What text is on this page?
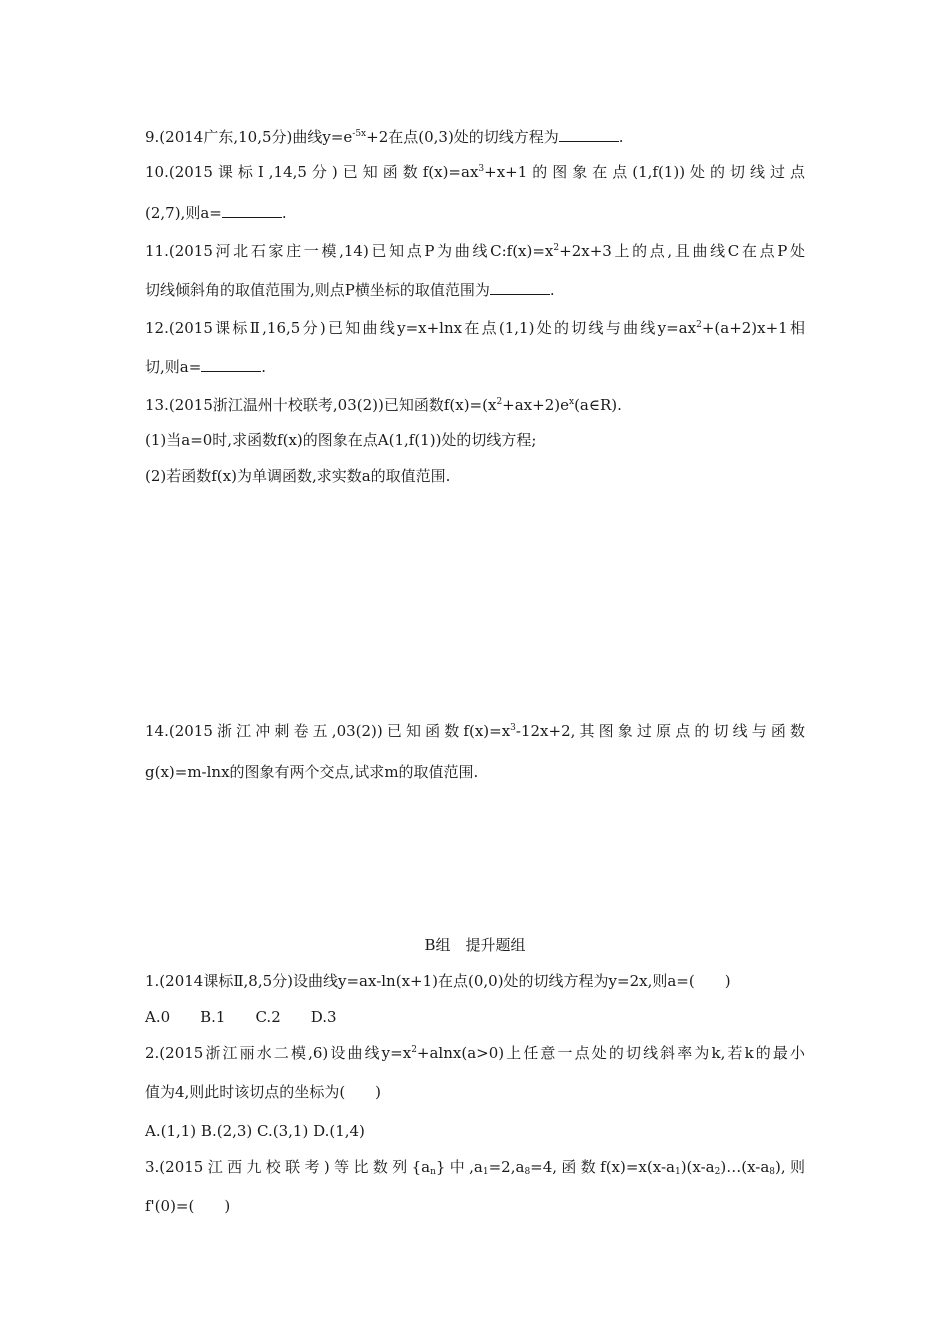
9.(2014广东,10,5分)曲线$y=e^{-5x}+2$在点(0,3)处的切线方程为	.
10.(2015课标Ⅰ,14,5分)已知函数$f(x)=ax^3+x+1$的图象在点(1,f(1))处的切线过点
(2,7),则a=	.
11.(2015河北石家庄一模,14)已知点P为曲线$C:f(x)=x^2+2x+3$上的点,且曲线C在点P处
切线倾斜角的取值范围为,则点P横坐标的取值范围为	.
12.(2015课标Ⅱ,16,5分)已知曲线y=x+lnx在点(1,1)处的切线与曲线$y=ax^2+(a+2)x+1$相
切,则a=	.
13.(2015浙江温州十校联考,03(2))已知函数$f(x)=(x^2+ax+2)e^x(a\in R)$.
(1)当a=0时,求函数f(x)的图象在点A(1,f(1))处的切线方程;
(2)若函数f(x)为单调函数,求实数a的取值范围.
14.(2015浙江冲刺卷五,03(2))已知函数$f(x)=x^3-12x+2$,其图象过原点的切线与函数
g(x)=m-lnx的图象有两个交点,试求m的取值范围.
B组　提升题组
1.(2014课标Ⅱ,8,5分)设曲线y=ax-ln(x+1)在点(0,0)处的切线方程为y=2x,则a=(　　)
A.0　　B.1　　C.2　　D.3
2.(2015浙江丽水二模,6)设曲线$y=x^2+alnx(a>0)$上任意一点处的切线斜率为k,若k的最小
值为4,则此时该切点的坐标为(　　)
A.(1,1) B.(2,3) C.(3,1) D.(1,4)
3.(2015江西九校联考)等比数列$\{a_n\}$中$,a_1=2,a_8=4$,函数$f(x)=x(x-a_1)(x-a_2)\dots(x-a_8)$,则
f'(0)=(　　)
